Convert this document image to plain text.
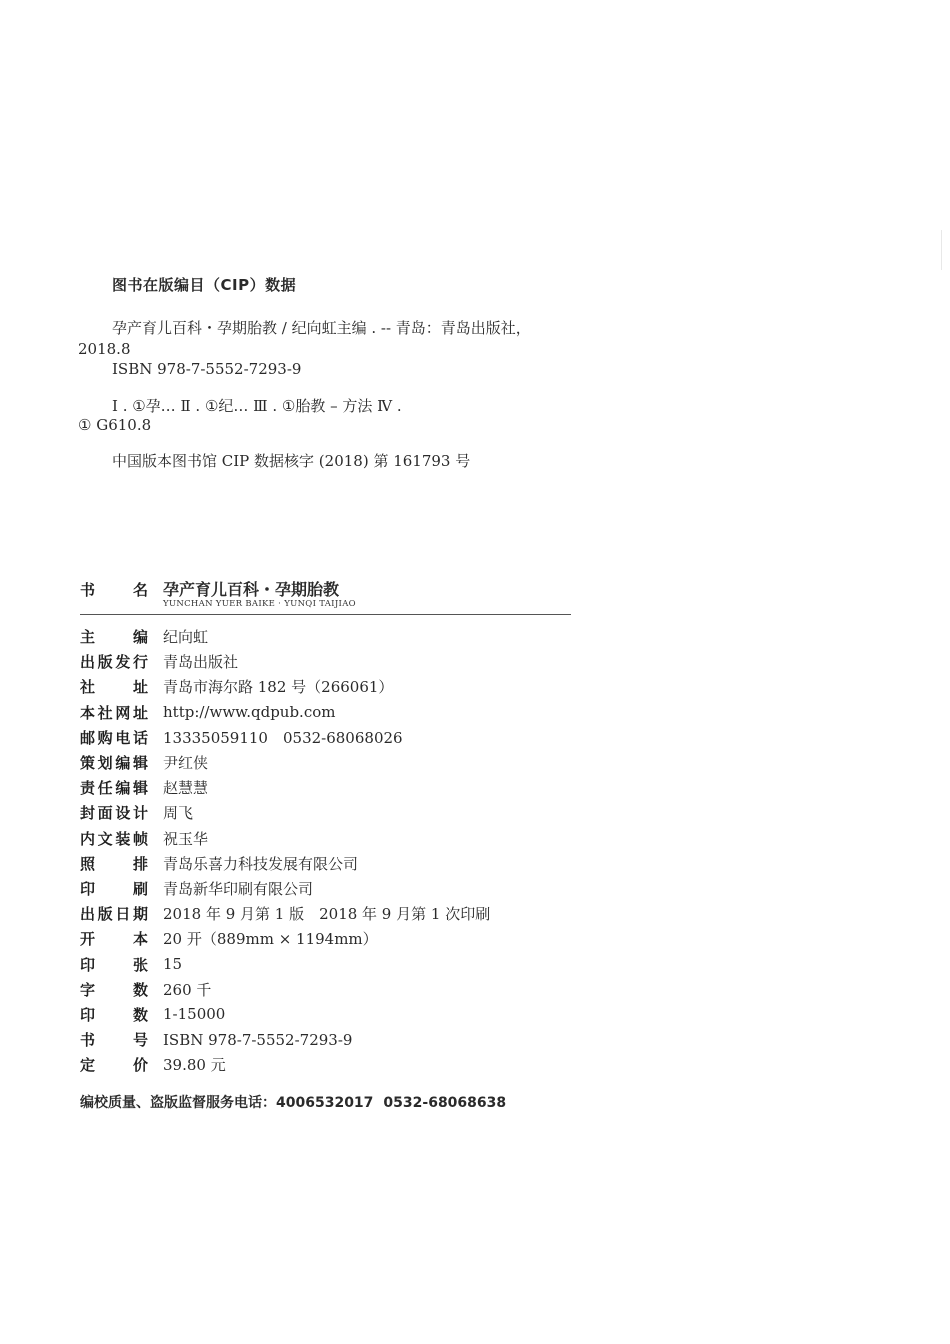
图书在版编目（CIP）数据
孕产育儿百科・孕期胎教 / 纪向虹主编 . -- 青岛：青岛出版社，
2018.8
ISBN 978-7-5552-7293-9
Ⅰ . ①孕… Ⅱ . ①纪… Ⅲ . ①胎教 – 方法 Ⅳ .
① G610.8
中国版本图书馆 CIP 数据核字 (2018) 第 161793 号
书	名 孕产育儿百科・孕期胎教
YUNCHAN YUER BAIKE · YUNQI TAIJIAO
主	编 纪向虹
出 版 发 行 青岛出版社
社	址 青岛市海尔路 182 号（266061）
本 社 网 址 http://www.qdpub.com
邮 购 电 话 13335059110　0532-68068026
策 划 编 辑 尹红侠
责 任 编 辑 赵慧慧
封 面 设 计 周飞
内 文 装 帧 祝玉华
照	排 青岛乐喜力科技发展有限公司
印	刷 青岛新华印刷有限公司
出 版 日 期 2018 年 9 月第 1 版　2018 年 9 月第 1 次印刷
开	本 20 开（889mm × 1194mm）
印	张 15
字	数 260 千
印	数 1-15000
书	号 ISBN 978-7-5552-7293-9
定	价 39.80 元
编校质量、盗版监督服务电话：4006532017 0532-68068638
